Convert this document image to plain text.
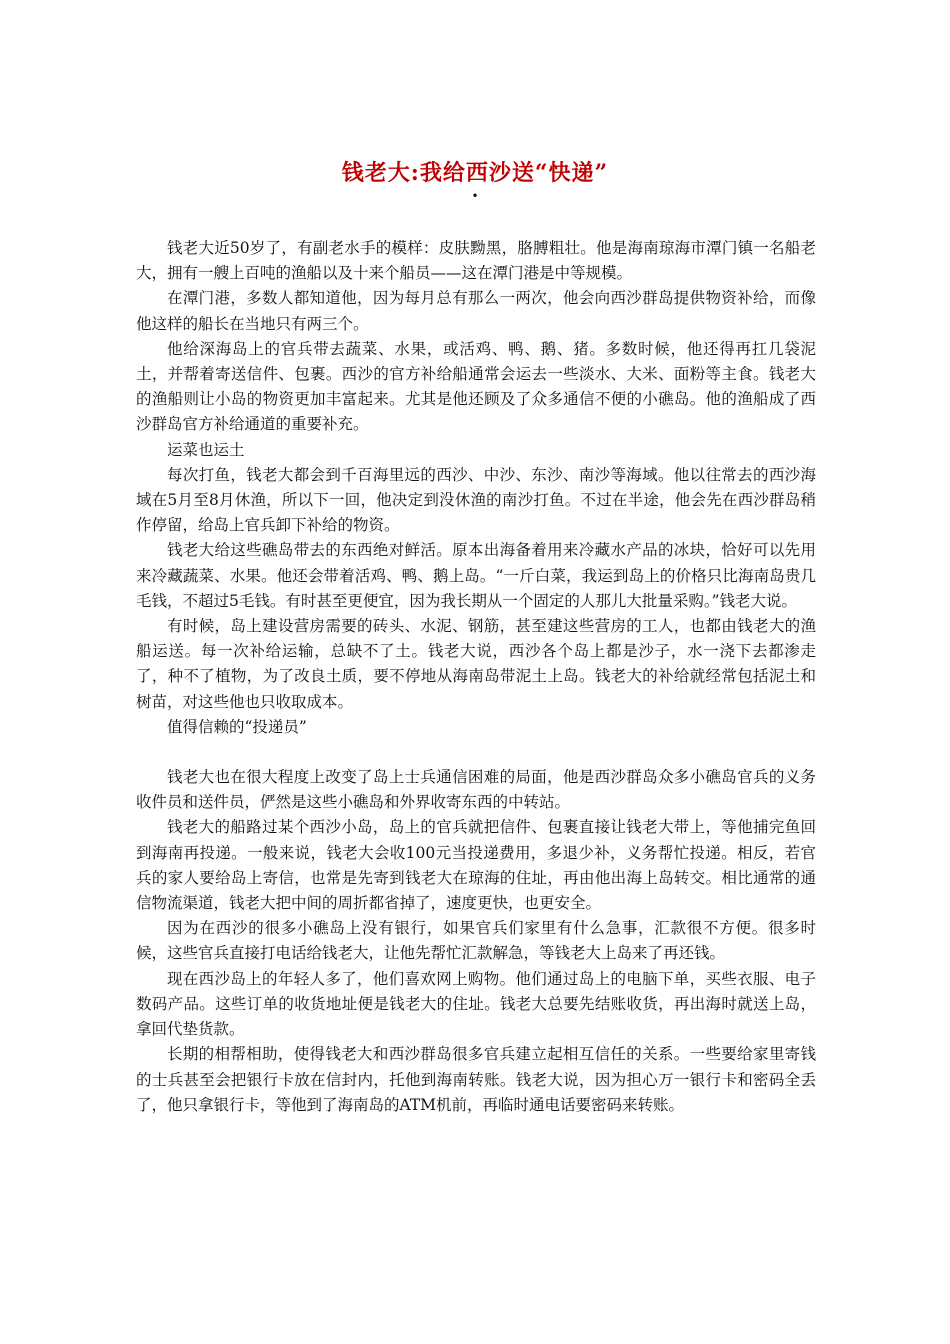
钱老大:我给西沙送“快递”
•

钱老大近50岁了，有副老水手的模样：皮肤黝黑，胳膊粗壮。他是海南琼海市潭门镇一名船老大，拥有一艘上百吨的渔船以及十来个船员——这在潭门港是中等规模。

在潭门港，多数人都知道他，因为每月总有那么一两次，他会向西沙群岛提供物资补给，而像他这样的船长在当地只有两三个。

他给深海岛上的官兵带去蔬菜、水果，或活鸡、鸭、鹅、猪。多数时候，他还得再扛几袋泥土，并帮着寄送信件、包裹。西沙的官方补给船通常会运去一些淡水、大米、面粉等主食。钱老大的渔船则让小岛的物资更加丰富起来。尤其是他还顾及了众多通信不便的小礁岛。他的渔船成了西沙群岛官方补给通道的重要补充。

运菜也运土

每次打鱼，钱老大都会到千百海里远的西沙、中沙、东沙、南沙等海域。他以往常去的西沙海域在5月至8月休渔，所以下一回，他决定到没休渔的南沙打鱼。不过在半途，他会先在西沙群岛稍作停留，给岛上官兵卸下补给的物资。

钱老大给这些礁岛带去的东西绝对鲜活。原本出海备着用来冷藏水产品的冰块，恰好可以先用来冷藏蔬菜、水果。他还会带着活鸡、鸭、鹅上岛。“一斤白菜，我运到岛上的价格只比海南岛贵几毛钱，不超过5毛钱。有时甚至更便宜，因为我长期从一个固定的人那儿大批量采购。”钱老大说。

有时候，岛上建设营房需要的砖头、水泥、钢筋，甚至建这些营房的工人，也都由钱老大的渔船运送。每一次补给运输，总缺不了土。钱老大说，西沙各个岛上都是沙子，水一浇下去都渗走了，种不了植物，为了改良土质，要不停地从海南岛带泥土上岛。钱老大的补给就经常包括泥土和树苗，对这些他也只收取成本。

值得信赖的“投递员”

钱老大也在很大程度上改变了岛上士兵通信困难的局面，他是西沙群岛众多小礁岛官兵的义务收件员和送件员，俨然是这些小礁岛和外界收寄东西的中转站。

钱老大的船路过某个西沙小岛，岛上的官兵就把信件、包裹直接让钱老大带上，等他捕完鱼回到海南再投递。一般来说，钱老大会收100元当投递费用，多退少补，义务帮忙投递。相反，若官兵的家人要给岛上寄信，也常是先寄到钱老大在琼海的住址，再由他出海上岛转交。相比通常的通信物流渠道，钱老大把中间的周折都省掉了，速度更快，也更安全。

因为在西沙的很多小礁岛上没有银行，如果官兵们家里有什么急事，汇款很不方便。很多时候，这些官兵直接打电话给钱老大，让他先帮忙汇款解急，等钱老大上岛来了再还钱。

现在西沙岛上的年轻人多了，他们喜欢网上购物。他们通过岛上的电脑下单，买些衣服、电子数码产品。这些订单的收货地址便是钱老大的住址。钱老大总要先结账收货，再出海时就送上岛，拿回代垫货款。

长期的相帮相助，使得钱老大和西沙群岛很多官兵建立起相互信任的关系。一些要给家里寄钱的士兵甚至会把银行卡放在信封内，托他到海南转账。钱老大说，因为担心万一银行卡和密码全丢了，他只拿银行卡，等他到了海南岛的ATM机前，再临时通电话要密码来转账。
